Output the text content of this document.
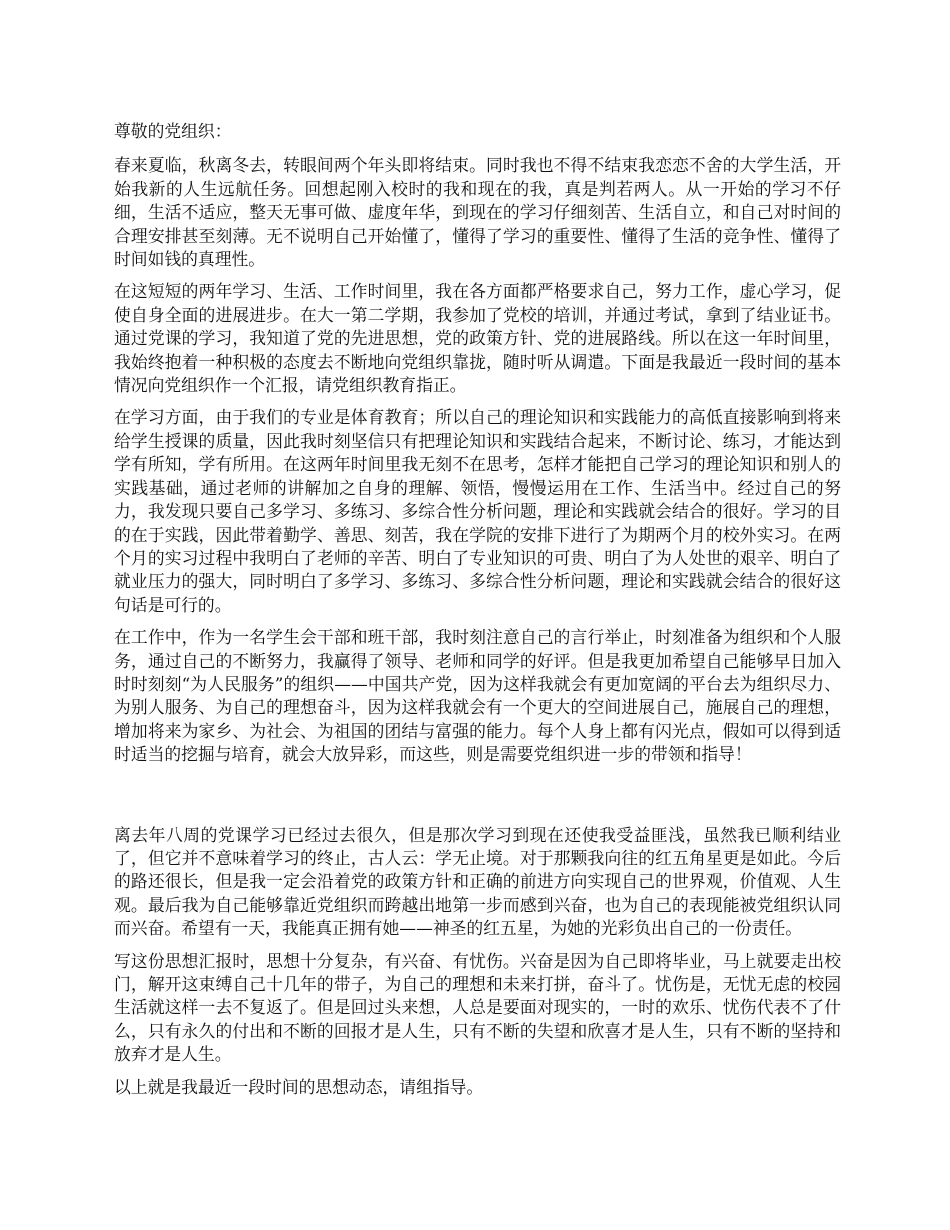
尊敬的党组织：

春来夏临，秋离冬去，转眼间两个年头即将结束。同时我也不得不结束我恋恋不舍的大学生活，开始我新的人生远航任务。回想起刚入校时的我和现在的我，真是判若两人。从一开始的学习不仔细，生活不适应，整天无事可做、虚度年华，到现在的学习仔细刻苦、生活自立，和自己对时间的合理安排甚至刻薄。无不说明自己开始懂了，懂得了学习的重要性、懂得了生活的竞争性、懂得了时间如钱的真理性。

在这短短的两年学习、生活、工作时间里，我在各方面都严格要求自己，努力工作，虚心学习，促使自身全面的进展进步。在大一第二学期，我参加了党校的培训，并通过考试，拿到了结业证书。通过党课的学习，我知道了党的先进思想，党的政策方针、党的进展路线。所以在这一年时间里，我始终抱着一种积极的态度去不断地向党组织靠拢，随时听从调遣。下面是我最近一段时间的基本情况向党组织作一个汇报，请党组织教育指正。

在学习方面，由于我们的专业是体育教育；所以自己的理论知识和实践能力的高低直接影响到将来给学生授课的质量，因此我时刻坚信只有把理论知识和实践结合起来，不断讨论、练习，才能达到学有所知，学有所用。在这两年时间里我无刻不在思考，怎样才能把自己学习的理论知识和别人的实践基础，通过老师的讲解加之自身的理解、领悟，慢慢运用在工作、生活当中。经过自己的努力，我发现只要自己多学习、多练习、多综合性分析问题，理论和实践就会结合的很好。学习的目的在于实践，因此带着勤学、善思、刻苦，我在学院的安排下进行了为期两个月的校外实习。在两个月的实习过程中我明白了老师的辛苦、明白了专业知识的可贵、明白了为人处世的艰辛、明白了就业压力的强大，同时明白了多学习、多练习、多综合性分析问题，理论和实践就会结合的很好这句话是可行的。

在工作中，作为一名学生会干部和班干部，我时刻注意自己的言行举止，时刻准备为组织和个人服务，通过自己的不断努力，我赢得了领导、老师和同学的好评。但是我更加希望自己能够早日加入时时刻刻“为人民服务”的组织——中国共产党，因为这样我就会有更加宽阔的平台去为组织尽力、为别人服务、为自己的理想奋斗，因为这样我就会有一个更大的空间进展自己，施展自己的理想，增加将来为家乡、为社会、为祖国的团结与富强的能力。每个人身上都有闪光点，假如可以得到适时适当的挖掘与培育，就会大放异彩，而这些，则是需要党组织进一步的带领和指导！

离去年八周的党课学习已经过去很久，但是那次学习到现在还使我受益匪浅，虽然我已顺利结业了，但它并不意味着学习的终止，古人云：学无止境。对于那颗我向往的红五角星更是如此。今后的路还很长，但是我一定会沿着党的政策方针和正确的前进方向实现自己的世界观，价值观、人生观。最后我为自己能够靠近党组织而跨越出地第一步而感到兴奋，也为自己的表现能被党组织认同而兴奋。希望有一天，我能真正拥有她——神圣的红五星，为她的光彩负出自己的一份责任。

写这份思想汇报时，思想十分复杂，有兴奋、有忧伤。兴奋是因为自己即将毕业，马上就要走出校门，解开这束缚自己十几年的带子，为自己的理想和未来打拼，奋斗了。忧伤是，无忧无虑的校园生活就这样一去不复返了。但是回过头来想，人总是要面对现实的，一时的欢乐、忧伤代表不了什么，只有永久的付出和不断的回报才是人生，只有不断的失望和欣喜才是人生，只有不断的坚持和放弃才是人生。

以上就是我最近一段时间的思想动态，请组指导。
